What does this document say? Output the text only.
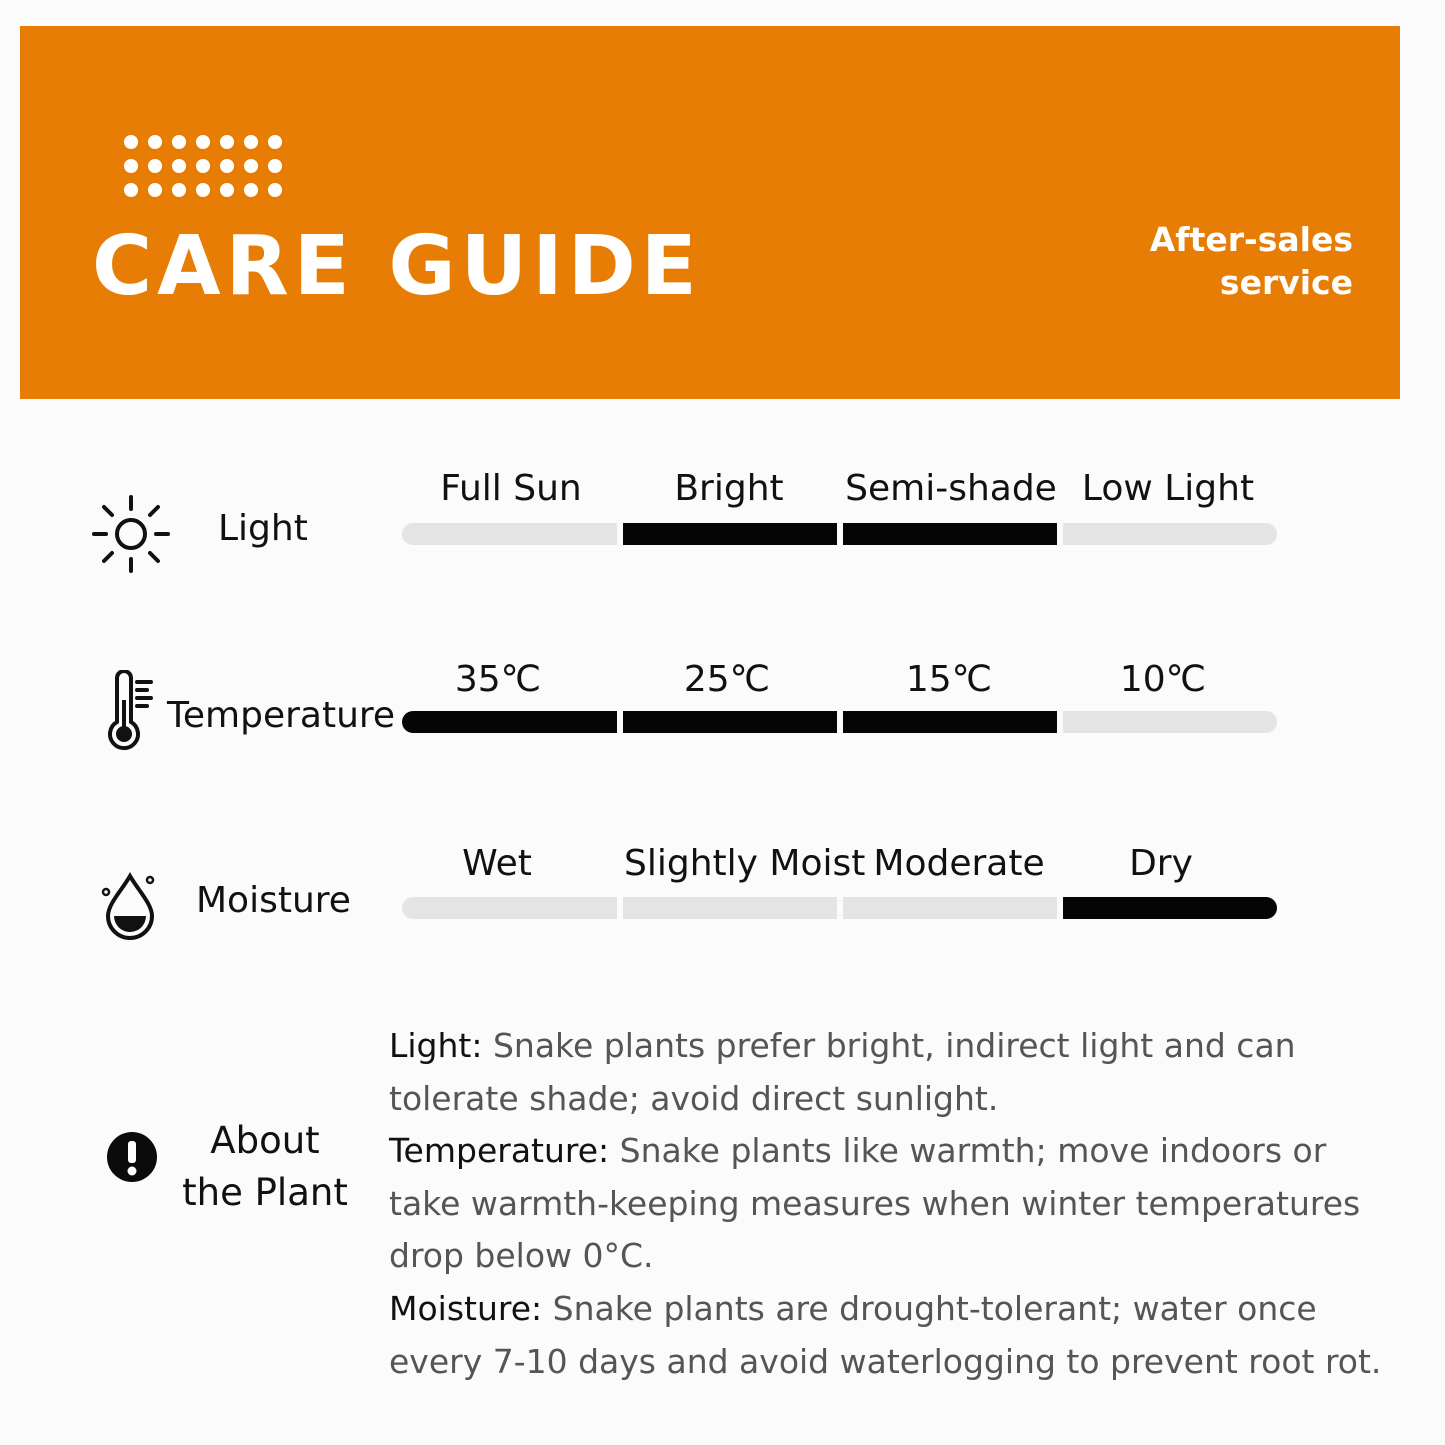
CARE GUIDE	After-sales
service
Light
Full Sun	Bright	Semi-shade Low Light
Temperature
35℃	25℃	15℃	10℃
Moisture
Wet	Slightly Moist Moderate	Dry
About
the Plant
Light: Snake plants prefer bright, indirect light and can tolerate shade; avoid direct sunlight.
Temperature: Snake plants like warmth; move indoors or take warmth-keeping measures when winter temperatures drop below 0°C.
Moisture: Snake plants are drought-tolerant; water once every 7-10 days and avoid waterlogging to prevent root rot.
